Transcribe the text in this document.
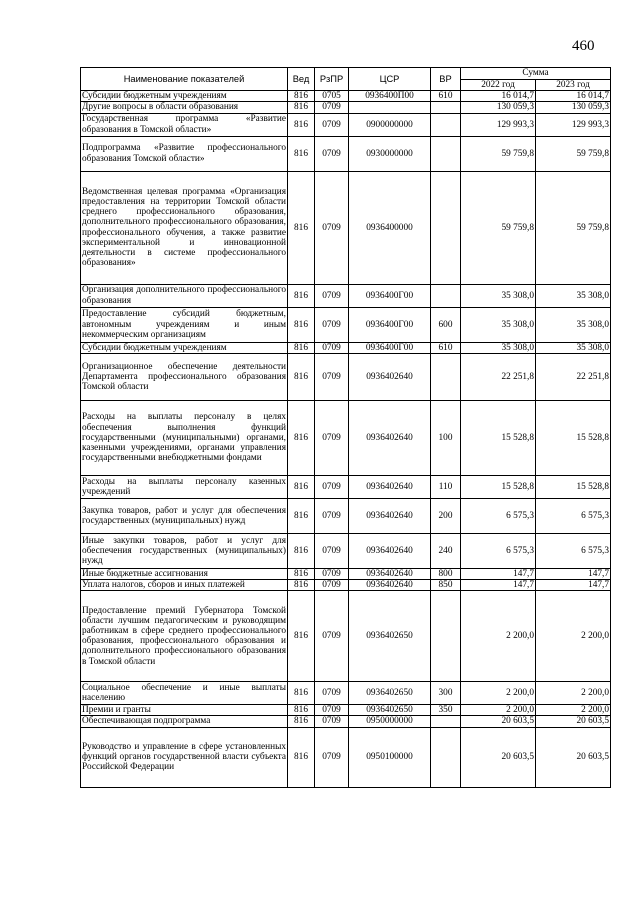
460
Наименование показателей	Вед	РзПР	ЦСР	ВР	Сумма	
					2022 год	2023 год
Субсидии бюджетным учреждениям	816	0705	0936400П00	610	16 014,7	16 014,7
Другие вопросы в области образования	816	0709			130 059,3	130 059,3
Государственная программа «Развитие образования в Томской области»	816	0709	0900000000		129 993,3	129 993,3
Подпрограмма «Развитие профессионального образования Томской области»	816	0709	0930000000		59 759,8	59 759,8
Ведомственная целевая программа «Организация предоставления на территории Томской области среднего профессионального образования, дополнительного профессионального образования, профессионального обучения, а также развитие экспериментальной и инновационной деятельности в системе профессионального образования»	816	0709	0936400000		59 759,8	59 759,8
Организация дополнительного профессионального образования	816	0709	0936400Г00		35 308,0	35 308,0
Предоставление субсидий бюджетным, автономным учреждениям и иным некоммерческим организациям	816	0709	0936400Г00	600	35 308,0	35 308,0
Субсидии бюджетным учреждениям	816	0709	0936400Г00	610	35 308,0	35 308,0
Организационное обеспечение деятельности Департамента профессионального образования Томской области	816	0709	0936402640		22 251,8	22 251,8
Расходы на выплаты персоналу в целях обеспечения выполнения функций государственными (муниципальными) органами, казенными учреждениями, органами управления государственными внебюджетными фондами	816	0709	0936402640	100	15 528,8	15 528,8
Расходы на выплаты персоналу казенных учреждений	816	0709	0936402640	110	15 528,8	15 528,8
Закупка товаров, работ и услуг для обеспечения государственных (муниципальных) нужд	816	0709	0936402640	200	6 575,3	6 575,3
Иные закупки товаров, работ и услуг для обеспечения государственных (муниципальных) нужд	816	0709	0936402640	240	6 575,3	6 575,3
Иные бюджетные ассигнования	816	0709	0936402640	800	147,7	147,7
Уплата налогов, сборов и иных платежей	816	0709	0936402640	850	147,7	147,7
Предоставление премий Губернатора Томской области лучшим педагогическим и руководящим работникам в сфере среднего профессионального образования, профессионального образования и дополнительного профессионального образования в Томской области	816	0709	0936402650		2 200,0	2 200,0
Социальное обеспечение и иные выплаты населению	816	0709	0936402650	300	2 200,0	2 200,0
Премии и гранты	816	0709	0936402650	350	2 200,0	2 200,0
Обеспечивающая подпрограмма	816	0709	0950000000		20 603,5	20 603,5
Руководство и управление в сфере установленных функций органов государственной власти субъекта Российской Федерации	816	0709	0950100000		20 603,5	20 603,5
